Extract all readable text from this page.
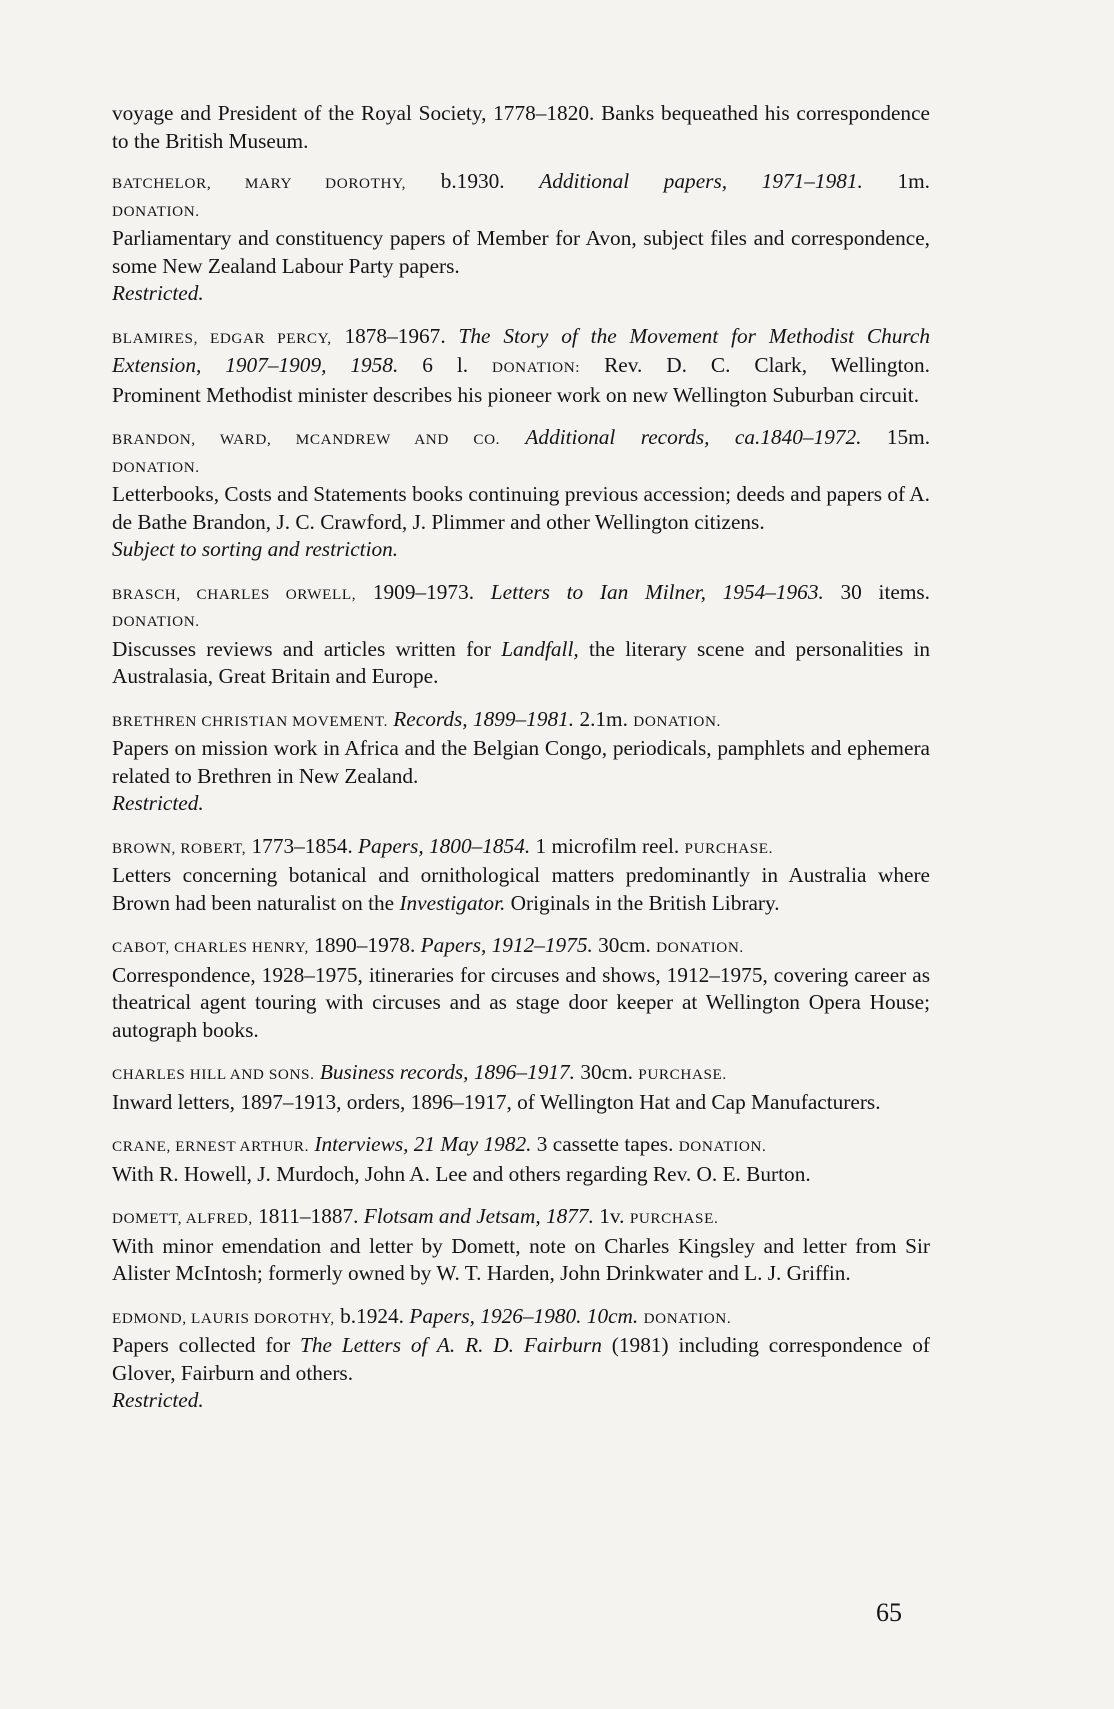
voyage and President of the Royal Society, 1778–1820. Banks bequeathed his correspondence to the British Museum.
BATCHELOR, MARY DOROTHY, b.1930. Additional papers, 1971–1981. 1m.
DONATION.
Parliamentary and constituency papers of Member for Avon, subject files and correspondence, some New Zealand Labour Party papers.
Restricted.
BLAMIRES, EDGAR PERCY, 1878–1967. The Story of the Movement for Methodist Church Extension, 1907–1909, 1958. 6 l. DONATION: Rev. D. C. Clark, Wellington.
Prominent Methodist minister describes his pioneer work on new Wellington Suburban circuit.
BRANDON, WARD, MCANDREW AND CO. Additional records, ca.1840–1972. 15m.
DONATION.
Letterbooks, Costs and Statements books continuing previous accession; deeds and papers of A. de Bathe Brandon, J. C. Crawford, J. Plimmer and other Wellington citizens.
Subject to sorting and restriction.
BRASCH, CHARLES ORWELL, 1909–1973. Letters to Ian Milner, 1954–1963. 30 items.
DONATION.
Discusses reviews and articles written for Landfall, the literary scene and personalities in Australasia, Great Britain and Europe.
BRETHREN CHRISTIAN MOVEMENT. Records, 1899–1981. 2.1m. DONATION.
Papers on mission work in Africa and the Belgian Congo, periodicals, pamphlets and ephemera related to Brethren in New Zealand.
Restricted.
BROWN, ROBERT, 1773–1854. Papers, 1800–1854. 1 microfilm reel. PURCHASE.
Letters concerning botanical and ornithological matters predominantly in Australia where Brown had been naturalist on the Investigator. Originals in the British Library.
CABOT, CHARLES HENRY, 1890–1978. Papers, 1912–1975. 30cm. DONATION.
Correspondence, 1928–1975, itineraries for circuses and shows, 1912–1975, covering career as theatrical agent touring with circuses and as stage door keeper at Wellington Opera House; autograph books.
CHARLES HILL AND SONS. Business records, 1896–1917. 30cm. PURCHASE.
Inward letters, 1897–1913, orders, 1896–1917, of Wellington Hat and Cap Manufacturers.
CRANE, ERNEST ARTHUR. Interviews, 21 May 1982. 3 cassette tapes. DONATION.
With R. Howell, J. Murdoch, John A. Lee and others regarding Rev. O. E. Burton.
DOMETT, ALFRED, 1811–1887. Flotsam and Jetsam, 1877. 1v. PURCHASE.
With minor emendation and letter by Domett, note on Charles Kingsley and letter from Sir Alister McIntosh; formerly owned by W. T. Harden, John Drinkwater and L. J. Griffin.
EDMOND, LAURIS DOROTHY, b.1924. Papers, 1926–1980. 10cm. DONATION.
Papers collected for The Letters of A. R. D. Fairburn (1981) including correspondence of Glover, Fairburn and others.
Restricted.
65
